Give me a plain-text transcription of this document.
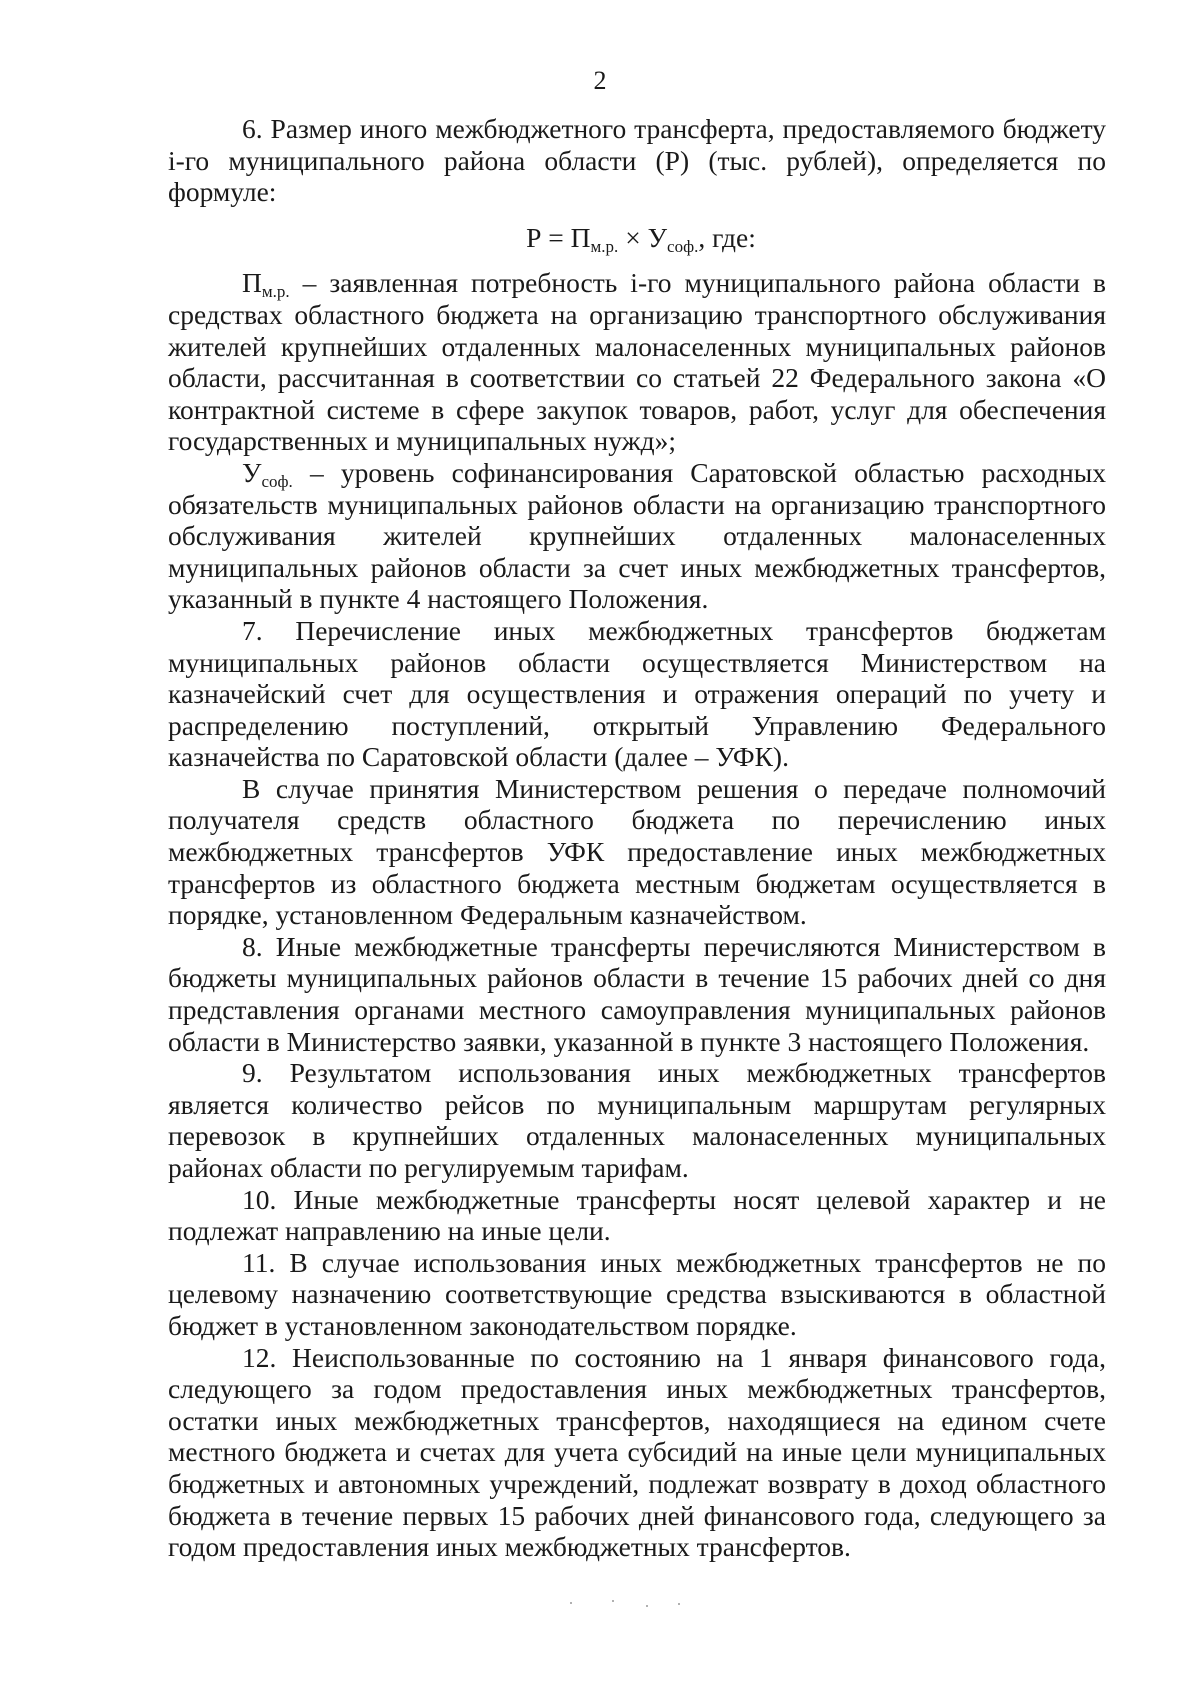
2

6. Размер иного межбюджетного трансферта, предоставляемого бюджету i-го муниципального района области (Р) (тыс. рублей), определяется по формуле:

$Р = П_{м.р.} \times У_{соф.}$, где:

$П_{м.р.}$ – заявленная потребность i-го муниципального района области в средствах областного бюджета на организацию транспортного обслуживания жителей крупнейших отдаленных малонаселенных муниципальных районов области, рассчитанная в соответствии со статьей 22 Федерального закона «О контрактной системе в сфере закупок товаров, работ, услуг для обеспечения государственных и муниципальных нужд»;

$У_{соф.}$ – уровень софинансирования Саратовской областью расходных обязательств муниципальных районов области на организацию транспортного обслуживания жителей крупнейших отдаленных малонаселенных муниципальных районов области за счет иных межбюджетных трансфертов, указанный в пункте 4 настоящего Положения.

7. Перечисление иных межбюджетных трансфертов бюджетам муниципальных районов области осуществляется Министерством на казначейский счет для осуществления и отражения операций по учету и распределению поступлений, открытый Управлению Федерального казначейства по Саратовской области (далее – УФК).

В случае принятия Министерством решения о передаче полномочий получателя средств областного бюджета по перечислению иных межбюджетных трансфертов УФК предоставление иных межбюджетных трансфертов из областного бюджета местным бюджетам осуществляется в порядке, установленном Федеральным казначейством.

8. Иные межбюджетные трансферты перечисляются Министерством в бюджеты муниципальных районов области в течение 15 рабочих дней со дня представления органами местного самоуправления муниципальных районов области в Министерство заявки, указанной в пункте 3 настоящего Положения.

9. Результатом использования иных межбюджетных трансфертов является количество рейсов по муниципальным маршрутам регулярных перевозок в крупнейших отдаленных малонаселенных муниципальных районах области по регулируемым тарифам.

10. Иные межбюджетные трансферты носят целевой характер и не подлежат направлению на иные цели.

11. В случае использования иных межбюджетных трансфертов не по целевому назначению соответствующие средства взыскиваются в областной бюджет в установленном законодательством порядке.

12. Неиспользованные по состоянию на 1 января финансового года, следующего за годом предоставления иных межбюджетных трансфертов, остатки иных межбюджетных трансфертов, находящиеся на едином счете местного бюджета и счетах для учета субсидий на иные цели муниципальных бюджетных и автономных учреждений, подлежат возврату в доход областного бюджета в течение первых 15 рабочих дней финансового года, следующего за годом предоставления иных межбюджетных трансфертов.
